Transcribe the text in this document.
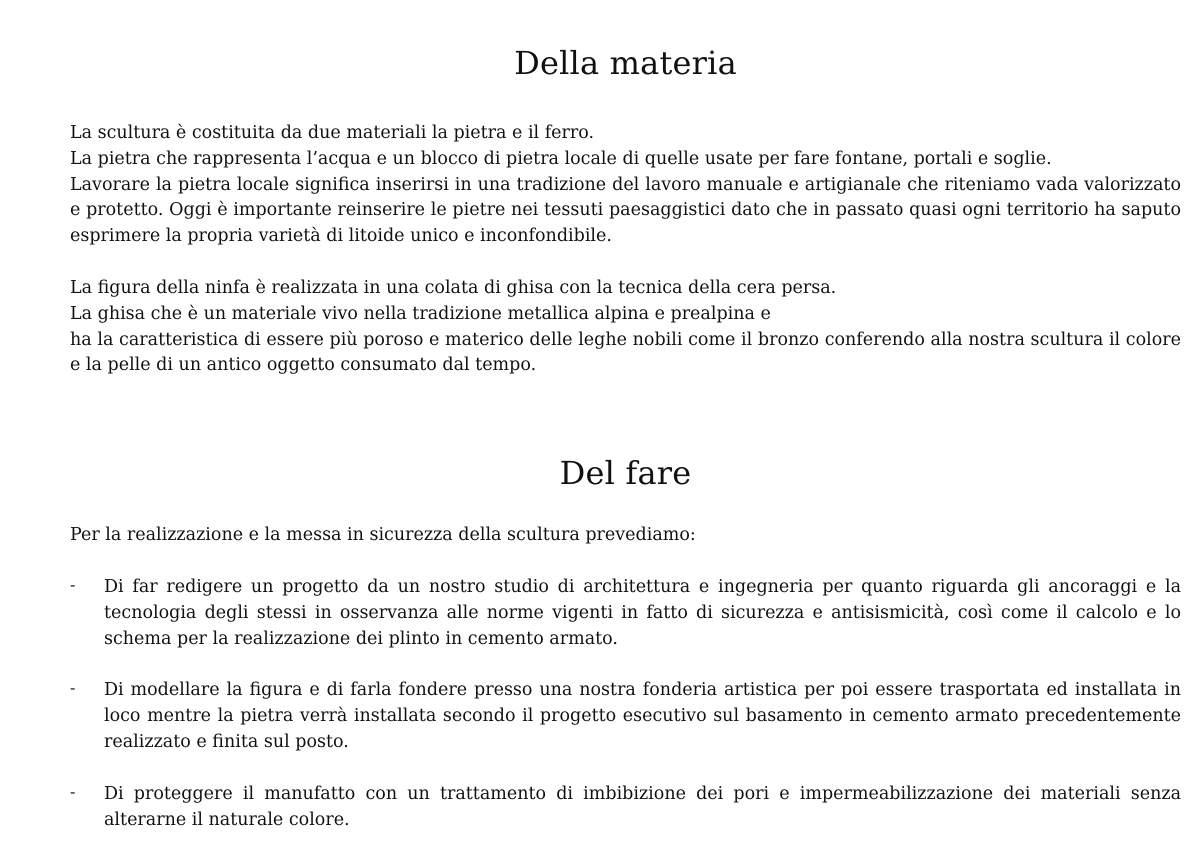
Della materia

La scultura è costituita da due materiali la pietra e il ferro.

La pietra che rappresenta l’acqua e un blocco di pietra locale di quelle usate per fare fontane, portali e soglie.

Lavorare la pietra locale significa inserirsi in una tradizione del lavoro manuale e artigianale che riteniamo vada valorizzato e protetto. Oggi è importante reinserire le pietre nei tessuti paesaggistici dato che in passato quasi ogni territorio ha saputo esprimere la propria varietà di litoide unico e inconfondibile.

La figura della ninfa è realizzata in una colata di ghisa con la tecnica della cera persa.

La ghisa che è un materiale vivo nella tradizione metallica alpina e prealpina e

ha la caratteristica di essere più poroso e materico delle leghe nobili come il bronzo conferendo alla nostra scultura il colore e la pelle di un antico oggetto consumato dal tempo.

Del fare

Per la realizzazione e la messa in sicurezza della scultura prevediamo:

-	Di far redigere un progetto da un nostro studio di architettura e ingegneria per quanto riguarda gli ancoraggi e la tecnologia degli stessi in osservanza alle norme vigenti in fatto di sicurezza e antisismicità, così come il calcolo e lo schema per la realizzazione dei plinto in cemento armato.

-	Di modellare la figura e di farla fondere presso una nostra fonderia artistica per poi essere trasportata ed installata in loco mentre la pietra verrà installata secondo il progetto esecutivo sul basamento in cemento armato precedentemente realizzato e finita sul posto.

-	Di proteggere il manufatto con un trattamento di imbibizione dei pori e impermeabilizzazione dei materiali senza alterarne il naturale colore.
